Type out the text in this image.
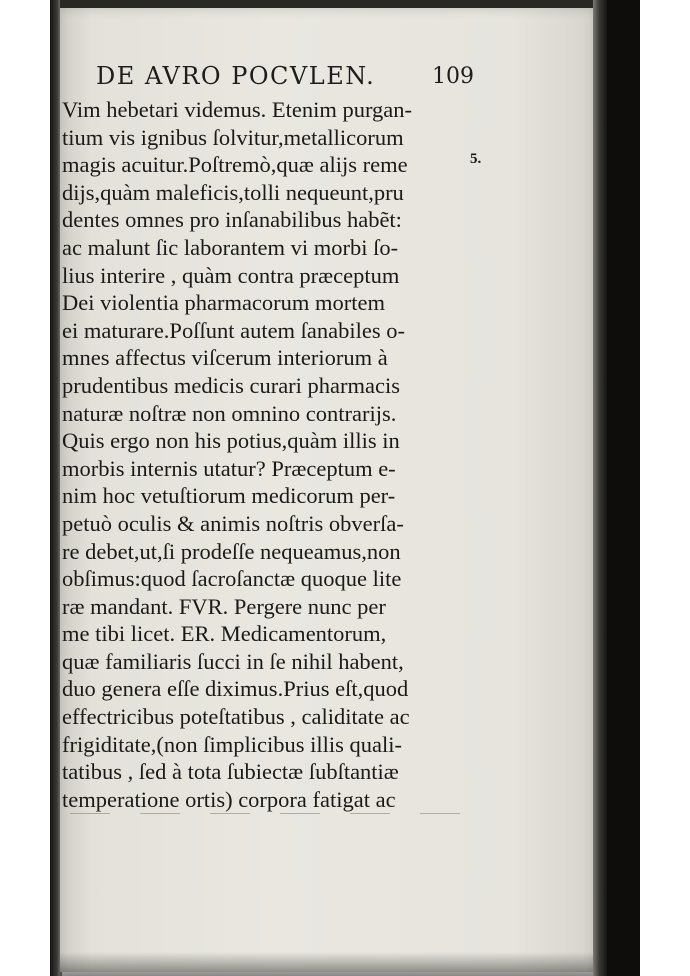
DE AVRO POCVLEN.	109
5.
Vim hebetari videmus. Etenim purgan-
tium vis ignibus ſolvitur,metallicorum
magis acuitur.Poſtremò,quæ alijs reme
dijs,quàm maleficis,tolli nequeunt,pru
dentes omnes pro inſanabilibus habẽt:
ac malunt ſic laborantem vi morbi ſo-
lius interire , quàm contra præceptum
Dei violentia pharmacorum mortem
ei maturare.Poſſunt autem ſanabiles o-
mnes affectus viſcerum interiorum à
prudentibus medicis curari pharmacis
naturæ noſtræ non omnino contrarijs.
Quis ergo non his potius,quàm illis in
morbis internis utatur? Præceptum e-
nim hoc vetuſtiorum medicorum per-
petuò oculis & animis noſtris obverſa-
re debet,ut,ſi prodeſſe nequeamus,non
obſimus:quod ſacroſanctæ quoque lite
ræ mandant. FVR. Pergere nunc per
me tibi licet. ER. Medicamentorum,
quæ familiaris ſucci in ſe nihil habent,
duo genera eſſe diximus.Prius eſt,quod
effectricibus poteſtatibus , caliditate ac
frigiditate,(non ſimplicibus illis quali-
tatibus , ſed à tota ſubiectæ ſubſtantiæ
temperatione ortis) corpora fatigat ac
